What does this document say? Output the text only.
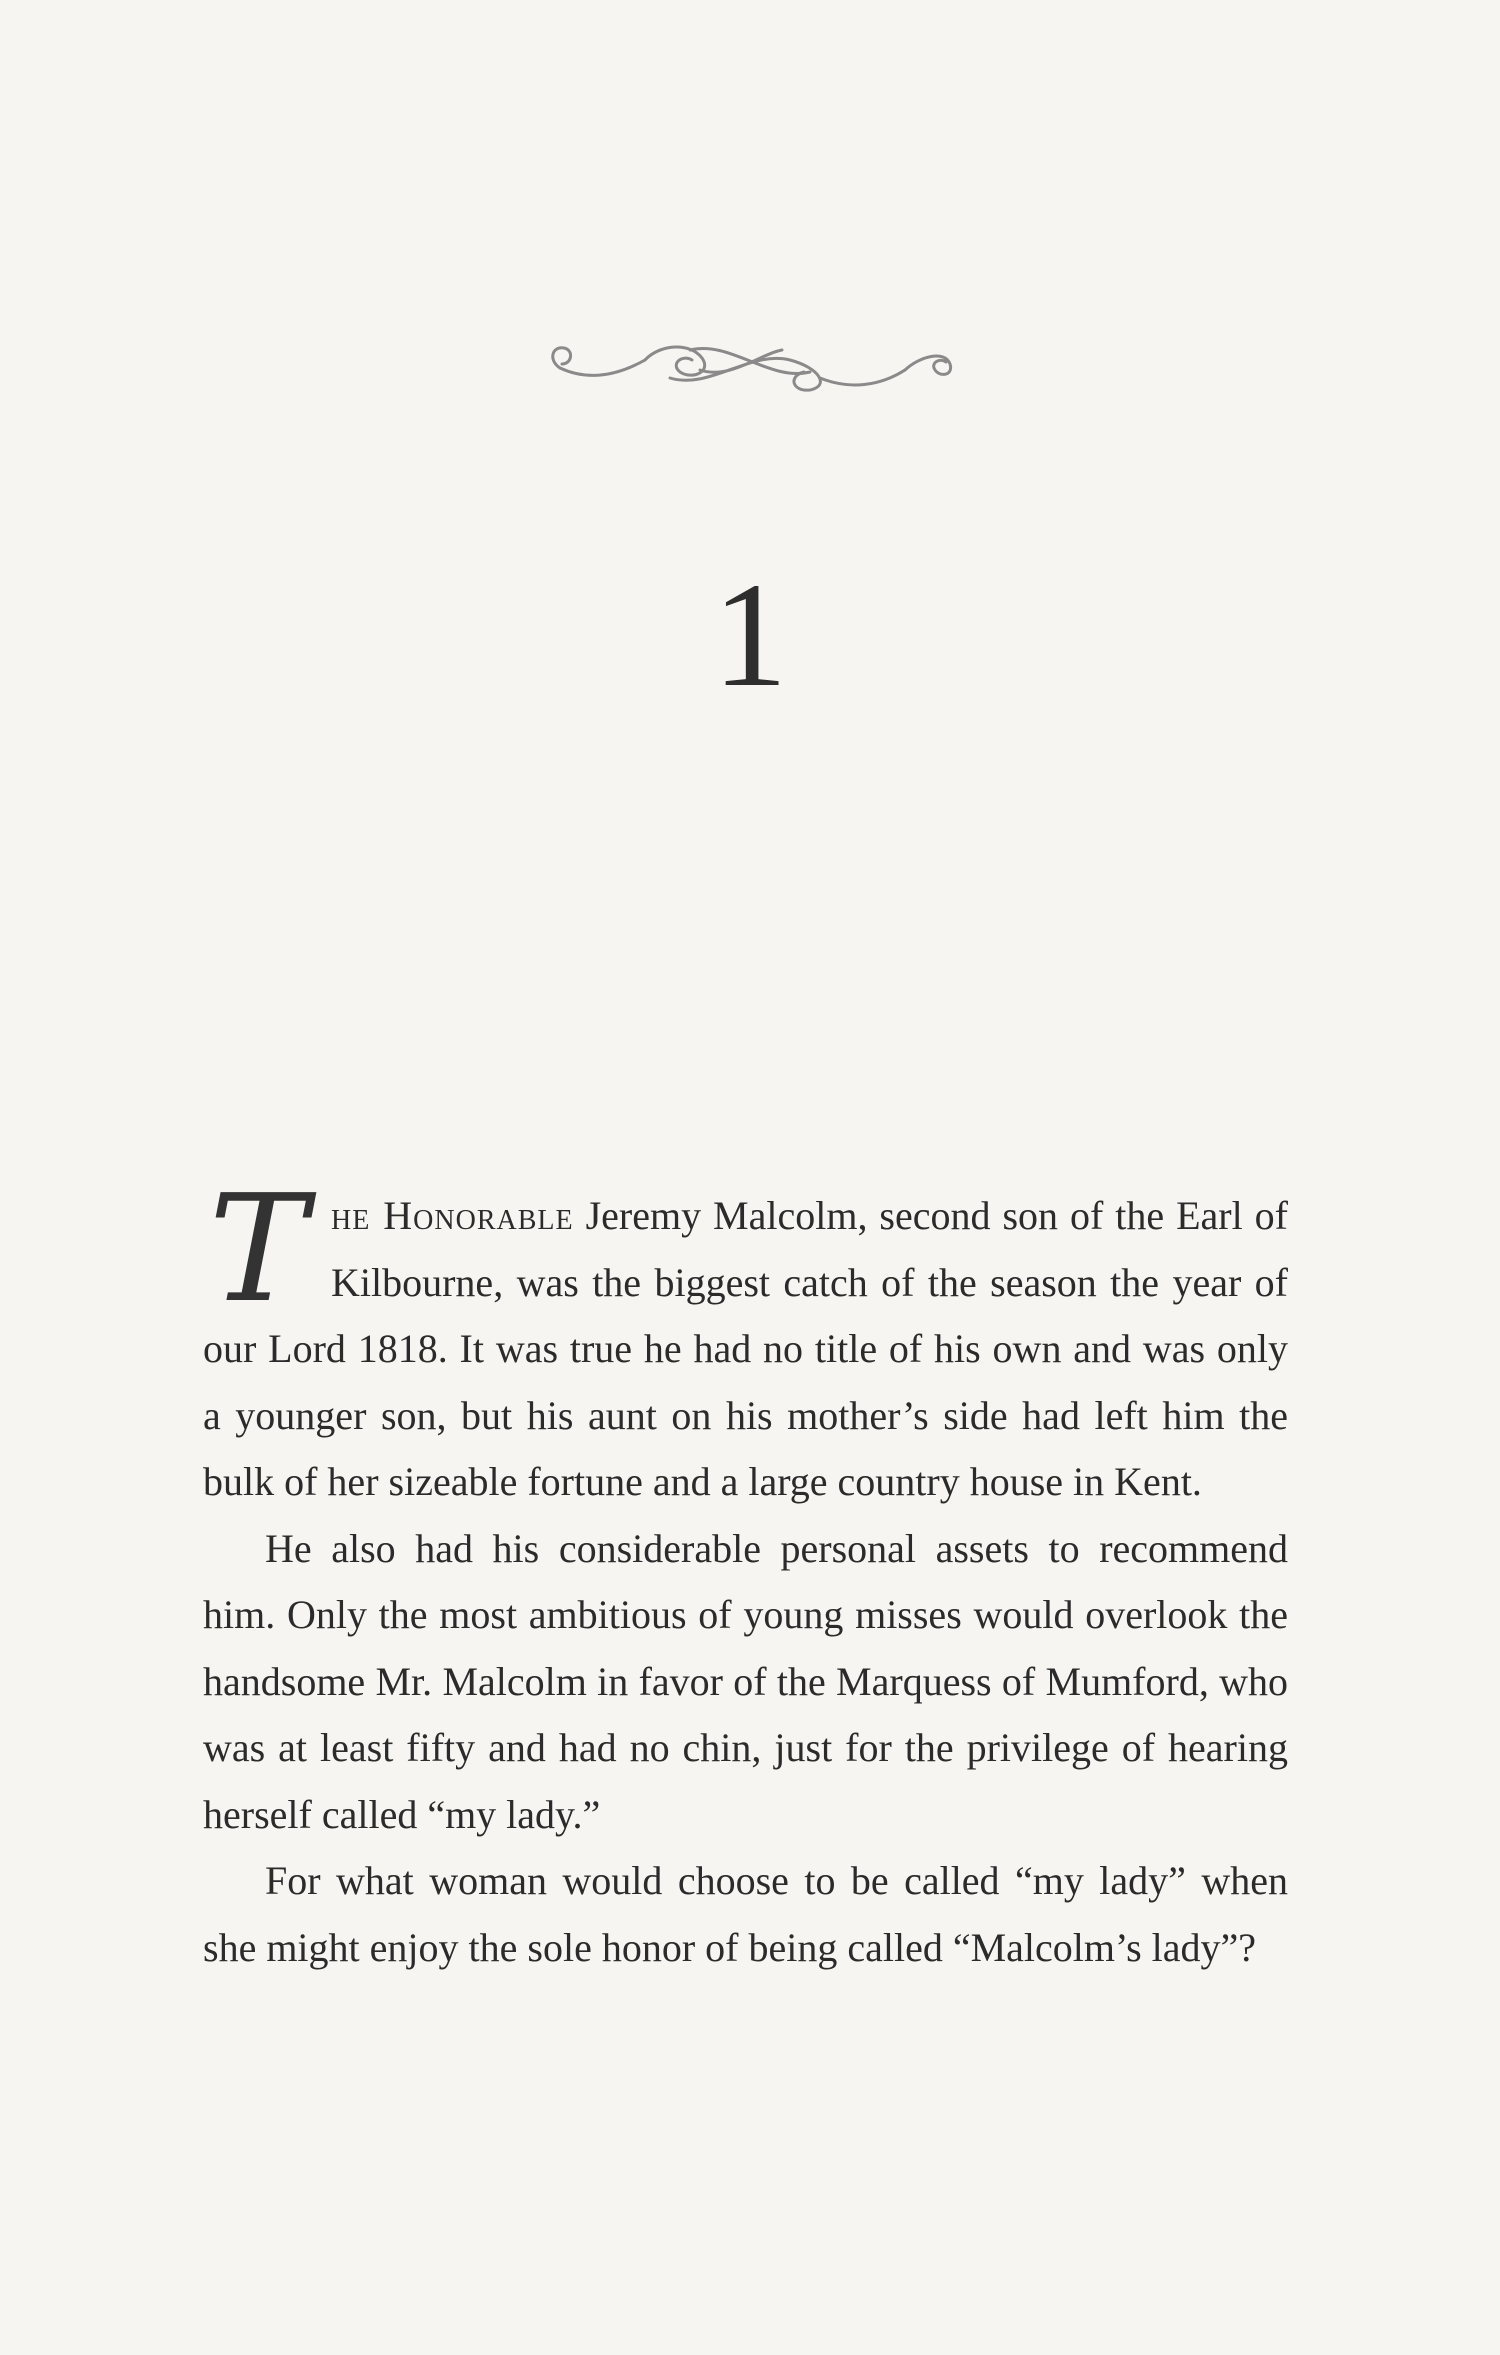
1

The Honorable Jeremy Malcolm, second son of the Earl of Kilbourne, was the biggest catch of the season the year of our Lord 1818. It was true he had no title of his own and was only a younger son, but his aunt on his mother’s side had left him the bulk of her sizeable fortune and a large country house in Kent.

He also had his considerable personal assets to recommend him. Only the most ambitious of young misses would overlook the handsome Mr. Malcolm in favor of the Marquess of Mumford, who was at least fifty and had no chin, just for the privilege of hearing herself called “my lady.”

For what woman would choose to be called “my lady” when she might enjoy the sole honor of being called “Malcolm’s lady”?
